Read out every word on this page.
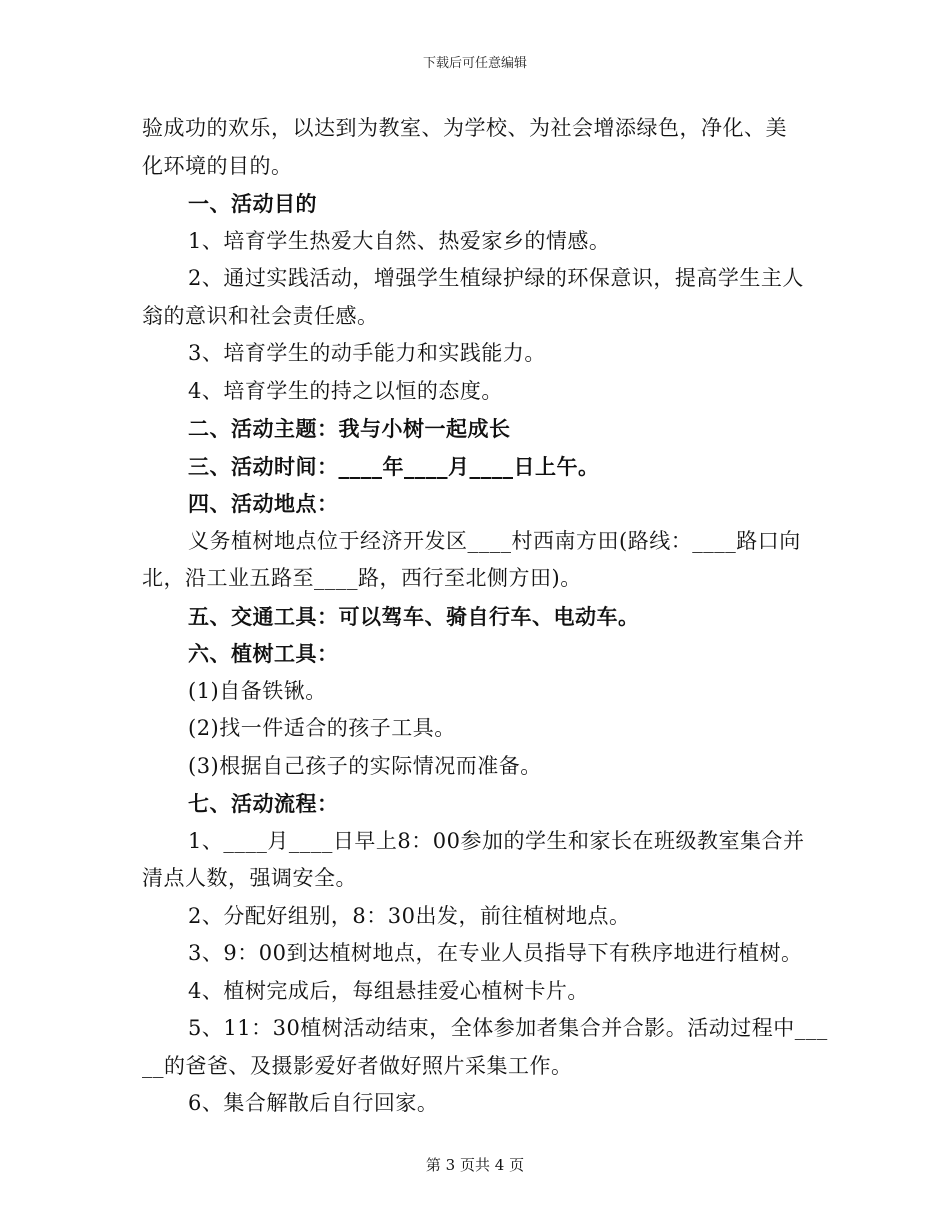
下载后可任意编辑

验成功的欢乐，以达到为教室、为学校、为社会增添绿色，净化、美

化环境的目的。

一、活动目的

1、培育学生热爱大自然、热爱家乡的情感。

2、通过实践活动，增强学生植绿护绿的环保意识，提高学生主人

翁的意识和社会责任感。

3、培育学生的动手能力和实践能力。

4、培育学生的持之以恒的态度。

二、活动主题：我与小树一起成长

三、活动时间：____年____月____日上午。

四、活动地点：

义务植树地点位于经济开发区____村西南方田(路线：____路口向

北，沿工业五路至____路，西行至北侧方田)。

五、交通工具：可以驾车、骑自行车、电动车。

六、植树工具：

(1)自备铁锹。

(2)找一件适合的孩子工具。

(3)根据自己孩子的实际情况而准备。

七、活动流程：

1、____月____日早上8：00参加的学生和家长在班级教室集合并

清点人数，强调安全。

2、分配好组别，8：30出发，前往植树地点。

3、9：00到达植树地点，在专业人员指导下有秩序地进行植树。

4、植树完成后，每组悬挂爱心植树卡片。

5、11：30植树活动结束，全体参加者集合并合影。活动过程中___

__的爸爸、及摄影爱好者做好照片采集工作。

6、集合解散后自行回家。

第 3 页共 4 页
